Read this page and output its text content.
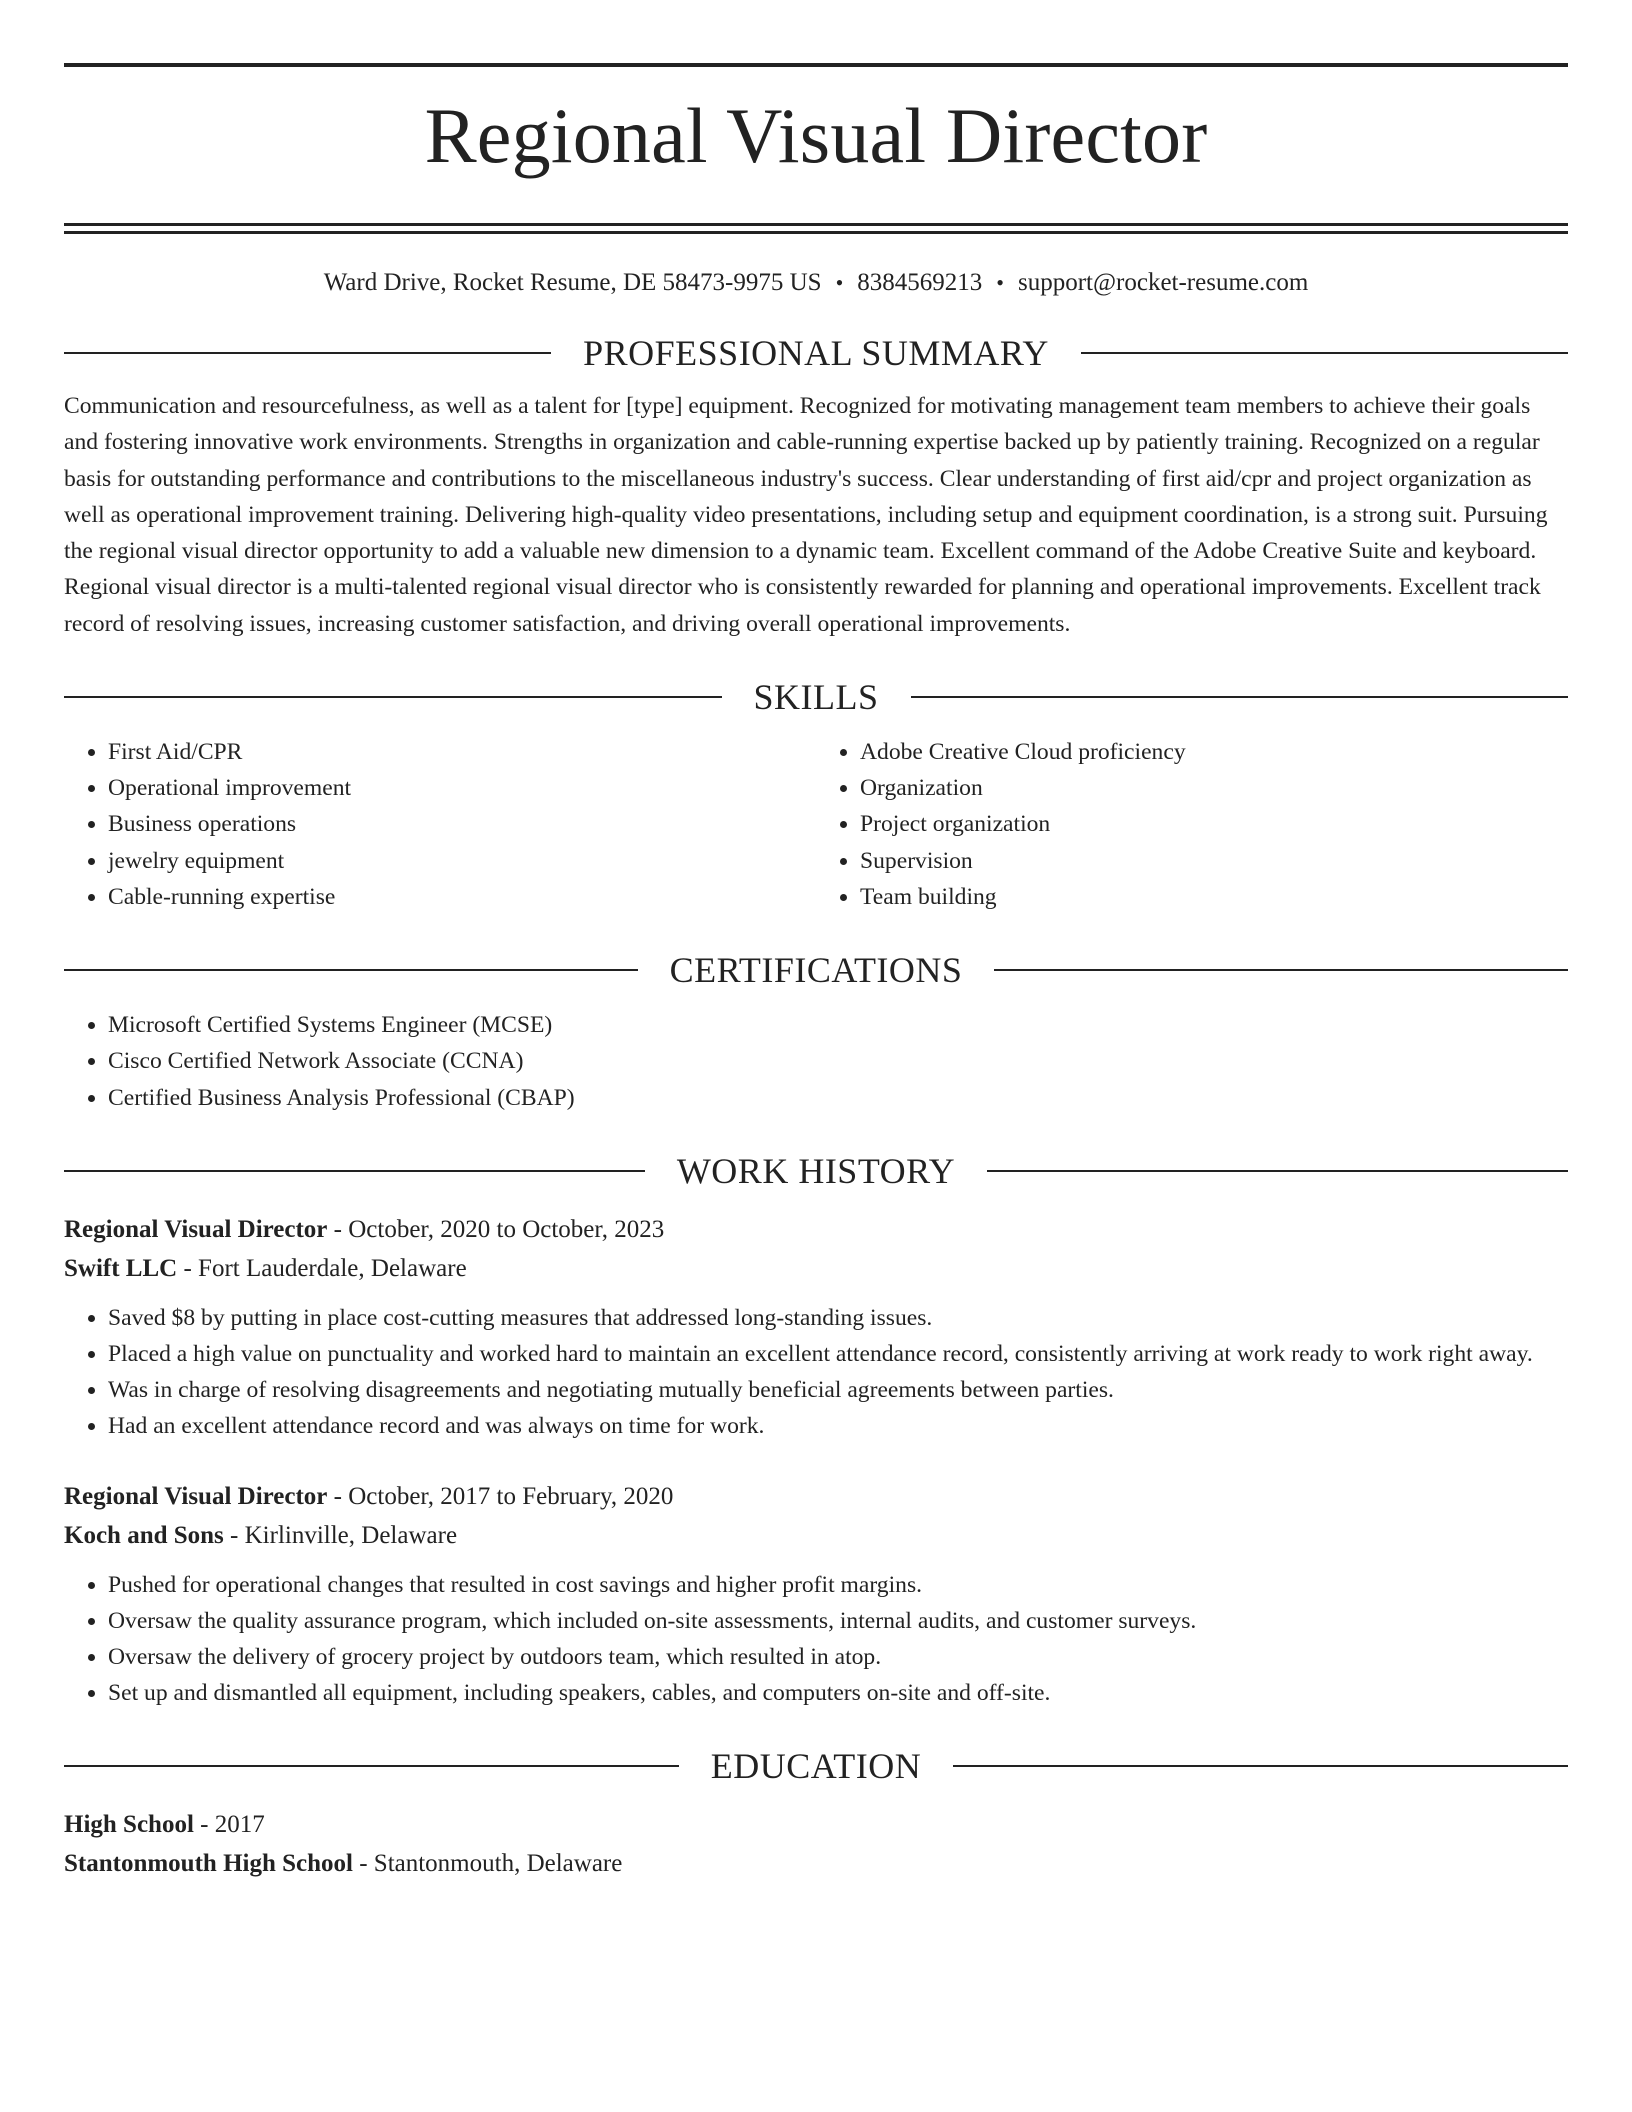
Regional Visual Director
Ward Drive, Rocket Resume, DE 58473-9975 US • 8384569213 • support@rocket-resume.com
PROFESSIONAL SUMMARY
Communication and resourcefulness, as well as a talent for [type] equipment. Recognized for motivating management team members to achieve their goals and fostering innovative work environments. Strengths in organization and cable-running expertise backed up by patiently training. Recognized on a regular basis for outstanding performance and contributions to the miscellaneous industry's success. Clear understanding of first aid/cpr and project organization as well as operational improvement training. Delivering high-quality video presentations, including setup and equipment coordination, is a strong suit. Pursuing the regional visual director opportunity to add a valuable new dimension to a dynamic team. Excellent command of the Adobe Creative Suite and keyboard. Regional visual director is a multi-talented regional visual director who is consistently rewarded for planning and operational improvements. Excellent track record of resolving issues, increasing customer satisfaction, and driving overall operational improvements.
SKILLS
• First Aid/CPR
• Operational improvement
• Business operations
• jewelry equipment
• Cable-running expertise
• Adobe Creative Cloud proficiency
• Organization
• Project organization
• Supervision
• Team building
CERTIFICATIONS
• Microsoft Certified Systems Engineer (MCSE)
• Cisco Certified Network Associate (CCNA)
• Certified Business Analysis Professional (CBAP)
WORK HISTORY
Regional Visual Director - October, 2020 to October, 2023
Swift LLC - Fort Lauderdale, Delaware
• Saved $8 by putting in place cost-cutting measures that addressed long-standing issues.
• Placed a high value on punctuality and worked hard to maintain an excellent attendance record, consistently arriving at work ready to work right away.
• Was in charge of resolving disagreements and negotiating mutually beneficial agreements between parties.
• Had an excellent attendance record and was always on time for work.
Regional Visual Director - October, 2017 to February, 2020
Koch and Sons - Kirlinville, Delaware
• Pushed for operational changes that resulted in cost savings and higher profit margins.
• Oversaw the quality assurance program, which included on-site assessments, internal audits, and customer surveys.
• Oversaw the delivery of grocery project by outdoors team, which resulted in atop.
• Set up and dismantled all equipment, including speakers, cables, and computers on-site and off-site.
EDUCATION
High School - 2017
Stantonmouth High School - Stantonmouth, Delaware
